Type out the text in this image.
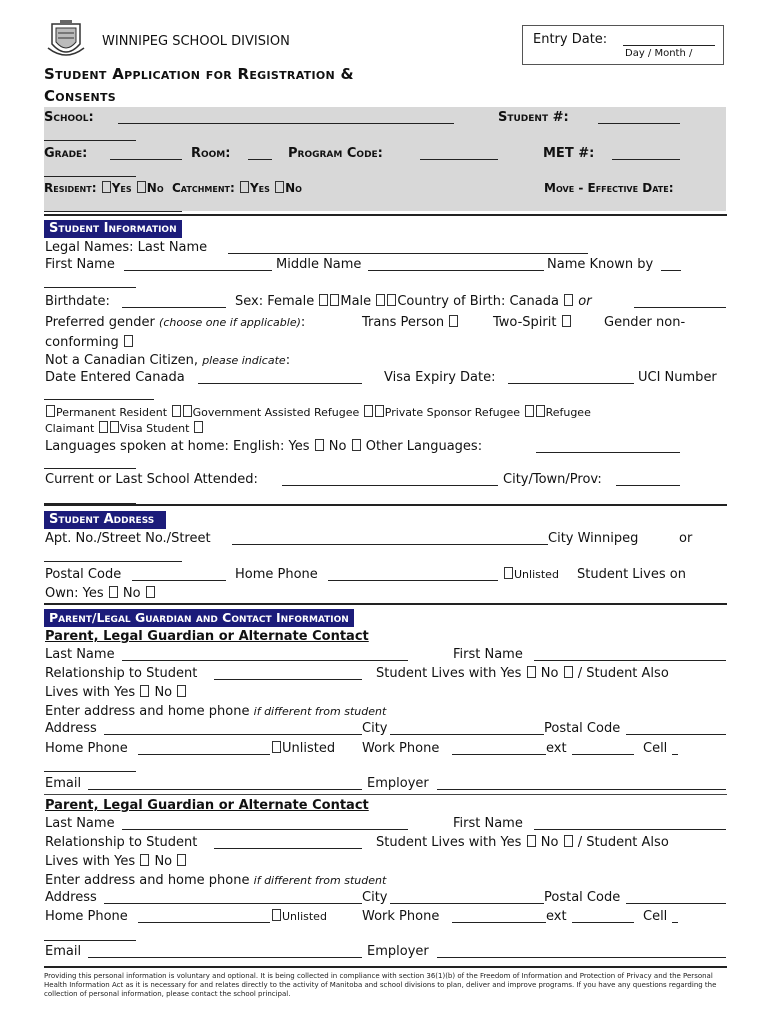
WINNIPEG SCHOOL DIVISION	Entry Date:
Day / Month /
Student Application for Registration &
Consents
School:	Student #:
Grade:	Room:	Program Code:	MET #:
Resident: Yes No Catchment: Yes No	Move - Effective Date:
Student Information
Legal Names: Last Name
First Name	Middle Name	Name Known by
Birthdate:	Sex: Female Male Country of Birth: Canada or
Preferred gender (choose one if applicable):	Trans Person	Two-Spirit	Gender non-
conforming
Not a Canadian Citizen, please indicate:
Date Entered Canada	Visa Expiry Date:	UCI Number
Permanent Resident Government Assisted Refugee Private Sponsor Refugee Refugee
Claimant Visa Student
Languages spoken at home: English: Yes No Other Languages:
Current or Last School Attended:	City/Town/Prov:
Student Address
Apt. No./Street No./Street	City Winnipeg	or
Postal Code	Home Phone	Unlisted Student Lives on
Own: Yes No
Parent/Legal Guardian and Contact Information
Parent, Legal Guardian or Alternate Contact
Last Name	First Name
Relationship to Student	Student Lives with Yes No / Student Also
Lives with Yes No
Enter address and home phone if different from student
Address	City	Postal Code
Home Phone	Unlisted Work Phone	ext	Cell
Email	Employer
Parent, Legal Guardian or Alternate Contact
Last Name	First Name
Relationship to Student	Student Lives with Yes No / Student Also
Lives with Yes No
Enter address and home phone if different from student
Address	City	Postal Code
Home Phone	Unlisted	Work Phone	ext	Cell
Email	Employer
Providing this personal information is voluntary and optional. It is being collected in compliance with section 36(1)(b) of the Freedom of Information and Protection of Privacy and the Personal Health Information Act as it is necessary for and relates directly to the activity of Manitoba and school divisions to plan, deliver and improve programs. If you have any questions regarding the collection of personal information, please contact the school principal.
